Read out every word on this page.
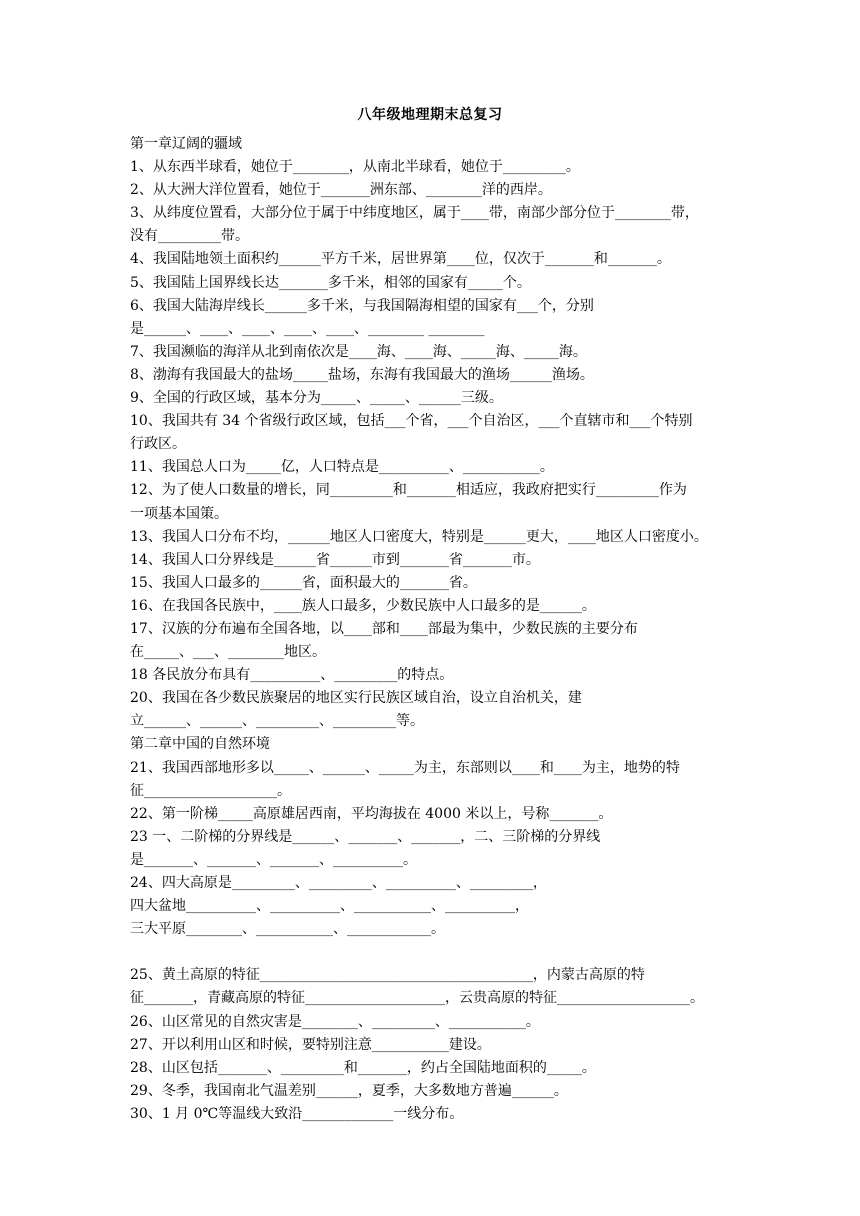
八年级地理期末总复习
第一章辽阔的疆域
1、从东西半球看，她位于________，从南北半球看，她位于_________。
2、从大洲大洋位置看，她位于_______洲东部、________洋的西岸。
3、从纬度位置看，大部分位于属于中纬度地区，属于____带，南部少部分位于________带，
没有_________带。
4、我国陆地领土面积约______平方千米，居世界第____位，仅次于_______和_______。
5、我国陆上国界线长达_______多千米，相邻的国家有_____个。
6、我国大陆海岸线长______多千米，与我国隔海相望的国家有___个，分别
是______、____、____、____、____、________ ________
7、我国濒临的海洋从北到南依次是____海、____海、_____海、_____海。
8、渤海有我国最大的盐场_____盐场，东海有我国最大的渔场______渔场。
9、全国的行政区域，基本分为_____、_____、______三级。
10、我国共有 34 个省级行政区域，包括___个省，___个自治区，___个直辖市和___个特别
行政区。
11、我国总人口为_____亿，人口特点是__________、___________。
12、为了使人口数量的增长，同_________和_______相适应，我政府把实行_________作为
一项基本国策。
13、我国人口分布不均，______地区人口密度大，特别是______更大，____地区人口密度小。
14、我国人口分界线是______省______市到_______省_______市。
15、我国人口最多的______省，面积最大的_______省。
16、在我国各民族中，____族人口最多，少数民族中人口最多的是______。
17、汉族的分布遍布全国各地，以____部和____部最为集中，少数民族的主要分布
在_____、___、________地区。
18 各民放分布具有__________、_________的特点。
20、我国在各少数民族聚居的地区实行民族区域自治，设立自治机关，建
立______、______、_________、_________等。
第二章中国的自然环境
21、我国西部地形多以_____、______、_____为主，东部则以____和____为主，地势的特
征___________________。
22、第一阶梯_____高原雄居西南，平均海拔在 4000 米以上，号称_______。
23 一、二阶梯的分界线是______、_______、_______，二、三阶梯的分界线
是_______、_______、_______、__________。
24、四大高原是_________、_________、__________、_________，
四大盆地__________、__________、___________、__________，
三大平原________、___________、____________。
25、黄土高原的特征_______________________________________，内蒙古高原的特
征_______，青藏高原的特征____________________，云贵高原的特征___________________。
26、山区常见的自然灾害是________、_________、___________。
27、开以利用山区和时候，要特别注意___________建设。
28、山区包括_______、_________和_______，约占全国陆地面积的_____。
29、冬季，我国南北气温差别______，夏季，大多数地方普遍______。
30、1 月 0℃等温线大致沿_____________一线分布。
